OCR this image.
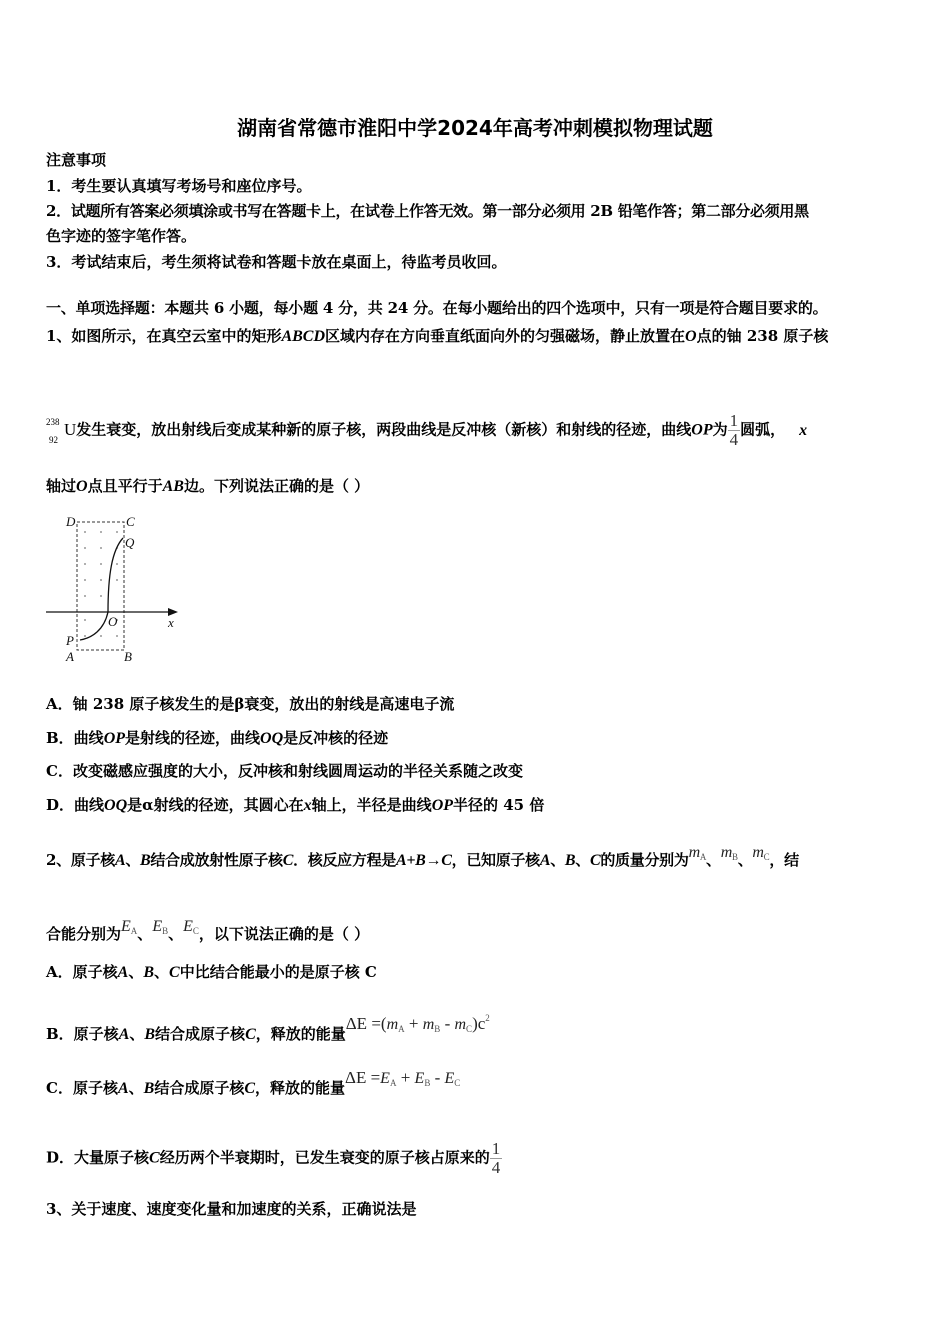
湖南省常德市淮阳中学2024年高考冲刺模拟物理试题
注意事项
1．考生要认真填写考场号和座位序号。
2．试题所有答案必须填涂或书写在答题卡上，在试卷上作答无效。第一部分必须用 2B 铅笔作答；第二部分必须用黑
色字迹的签字笔作答。
3．考试结束后，考生须将试卷和答题卡放在桌面上，待监考员收回。
一、单项选择题：本题共 6 小题，每小题 4 分，共 24 分。在每小题给出的四个选项中，只有一项是符合题目要求的。
1、如图所示，在真空云室中的矩形ABCD区域内存在方向垂直纸面向外的匀强磁场，静止放置在O点的铀 238 原子核
238
92
U发生衰变，放出射线后变成某种新的原子核，两段曲线是反冲核（新核）和射线的径迹，曲线OP为 $\frac{1}{4}$ 圆弧， x
轴过O点且平行于AB边。下列说法正确的是（ ）
D	C
Q
O	x
P
A	B
A．铀 238 原子核发生的是β衰变，放出的射线是高速电子流
B．曲线OP是射线的径迹，曲线OQ是反冲核的径迹
C．改变磁感应强度的大小，反冲核和射线圆周运动的半径关系随之改变
D．曲线OQ是α射线的径迹，其圆心在x轴上，半径是曲线OP半径的 45 倍
2、原子核A、B结合成放射性原子核C．核反应方程是A+B→C，已知原子核A、B、C的质量分别为$m_A$、$m_B$、$m_C$，结
合能分别为$E_A$、$E_B$、$E_C$，以下说法正确的是（ ）
A．原子核A、B、C中比结合能最小的是原子核 C
B．原子核A、B结合成原子核C，释放的能量$\Delta E =(m_A + m_B - m_C)c^2$
C．原子核A、B结合成原子核C，释放的能量$\Delta E =E_A + E_B - E_C$
D．大量原子核C经历两个半衰期时，已发生衰变的原子核占原来的 $\frac{1}{4}$
3、关于速度、速度变化量和加速度的关系，正确说法是
